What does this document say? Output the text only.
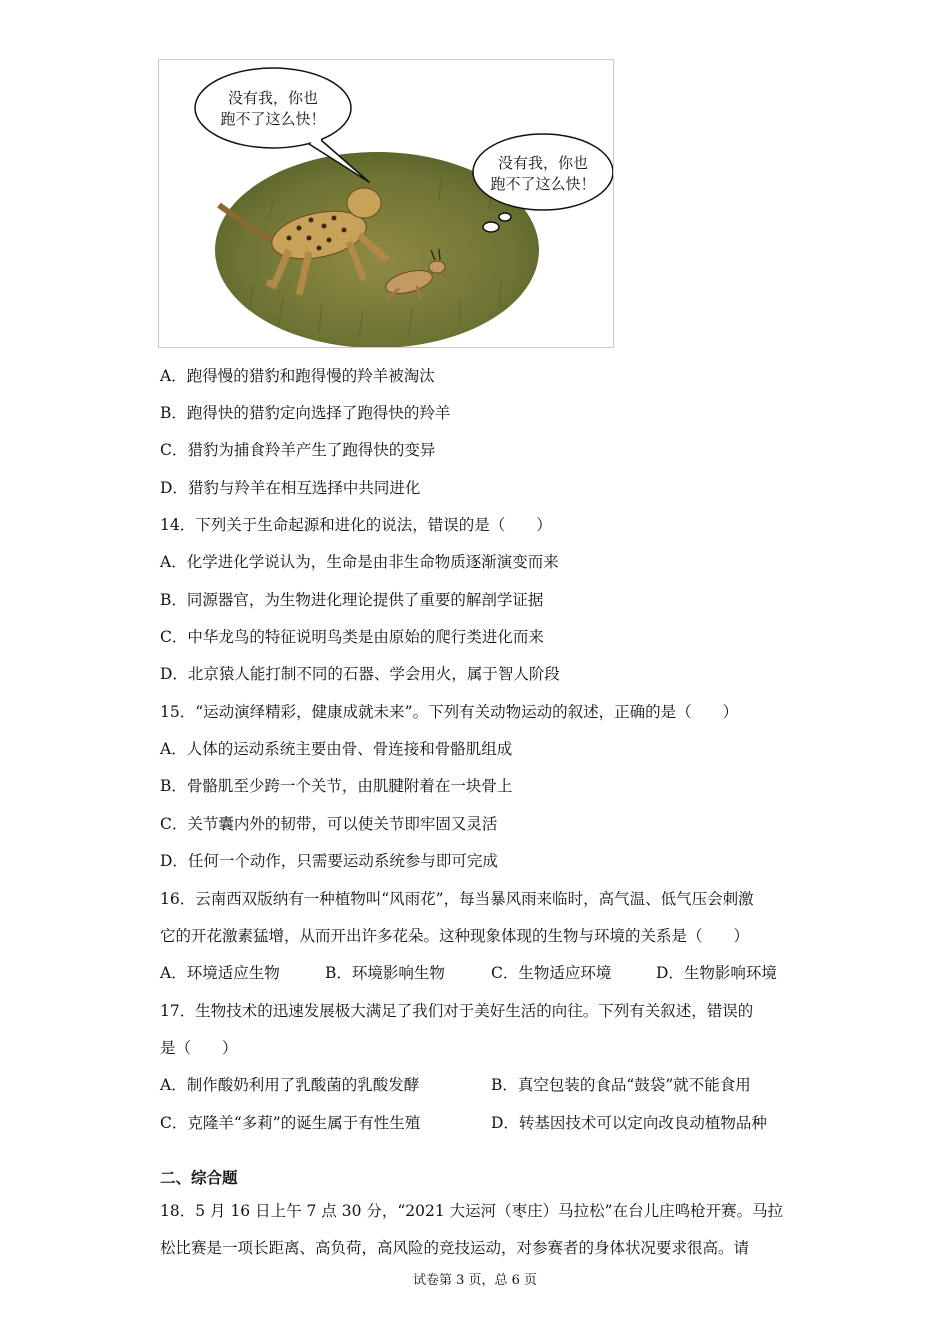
没有我，你也
跑不了这么快！
没有我，你也
跑不了这么快！
A．跑得慢的猎豹和跑得慢的羚羊被淘汰
B．跑得快的猎豹定向选择了跑得快的羚羊
C．猎豹为捕食羚羊产生了跑得快的变异
D．猎豹与羚羊在相互选择中共同进化
14．下列关于生命起源和进化的说法，错误的是（　　）
A．化学进化学说认为，生命是由非生命物质逐渐演变而来
B．同源器官，为生物进化理论提供了重要的解剖学证据
C．中华龙鸟的特征说明鸟类是由原始的爬行类进化而来
D．北京猿人能打制不同的石器、学会用火，属于智人阶段
15．“运动演绎精彩，健康成就未来”。下列有关动物运动的叙述，正确的是（　　）
A．人体的运动系统主要由骨、骨连接和骨骼肌组成
B．骨骼肌至少跨一个关节，由肌腱附着在一块骨上
C．关节囊内外的韧带，可以使关节即牢固又灵活
D．任何一个动作，只需要运动系统参与即可完成
16．云南西双版纳有一种植物叫“风雨花”，每当暴风雨来临时，高气温、低气压会刺激
它的开花激素猛增，从而开出许多花朵。这种现象体现的生物与环境的关系是（　　）
A．环境适应生物	B．环境影响生物	C．生物适应环境	D．生物影响环境
17．生物技术的迅速发展极大满足了我们对于美好生活的向往。下列有关叙述，错误的
是（　　）
A．制作酸奶利用了乳酸菌的乳酸发酵	B．真空包装的食品“鼓袋”就不能食用
C．克隆羊“多莉”的诞生属于有性生殖	D．转基因技术可以定向改良动植物品种
二、综合题
18．5 月 16 日上午 7 点 30 分，“2021 大运河（枣庄）马拉松”在台儿庄鸣枪开赛。马拉
松比赛是一项长距离、高负荷，高风险的竞技运动，对参赛者的身体状况要求很高。请
试卷第 3 页，总 6 页
